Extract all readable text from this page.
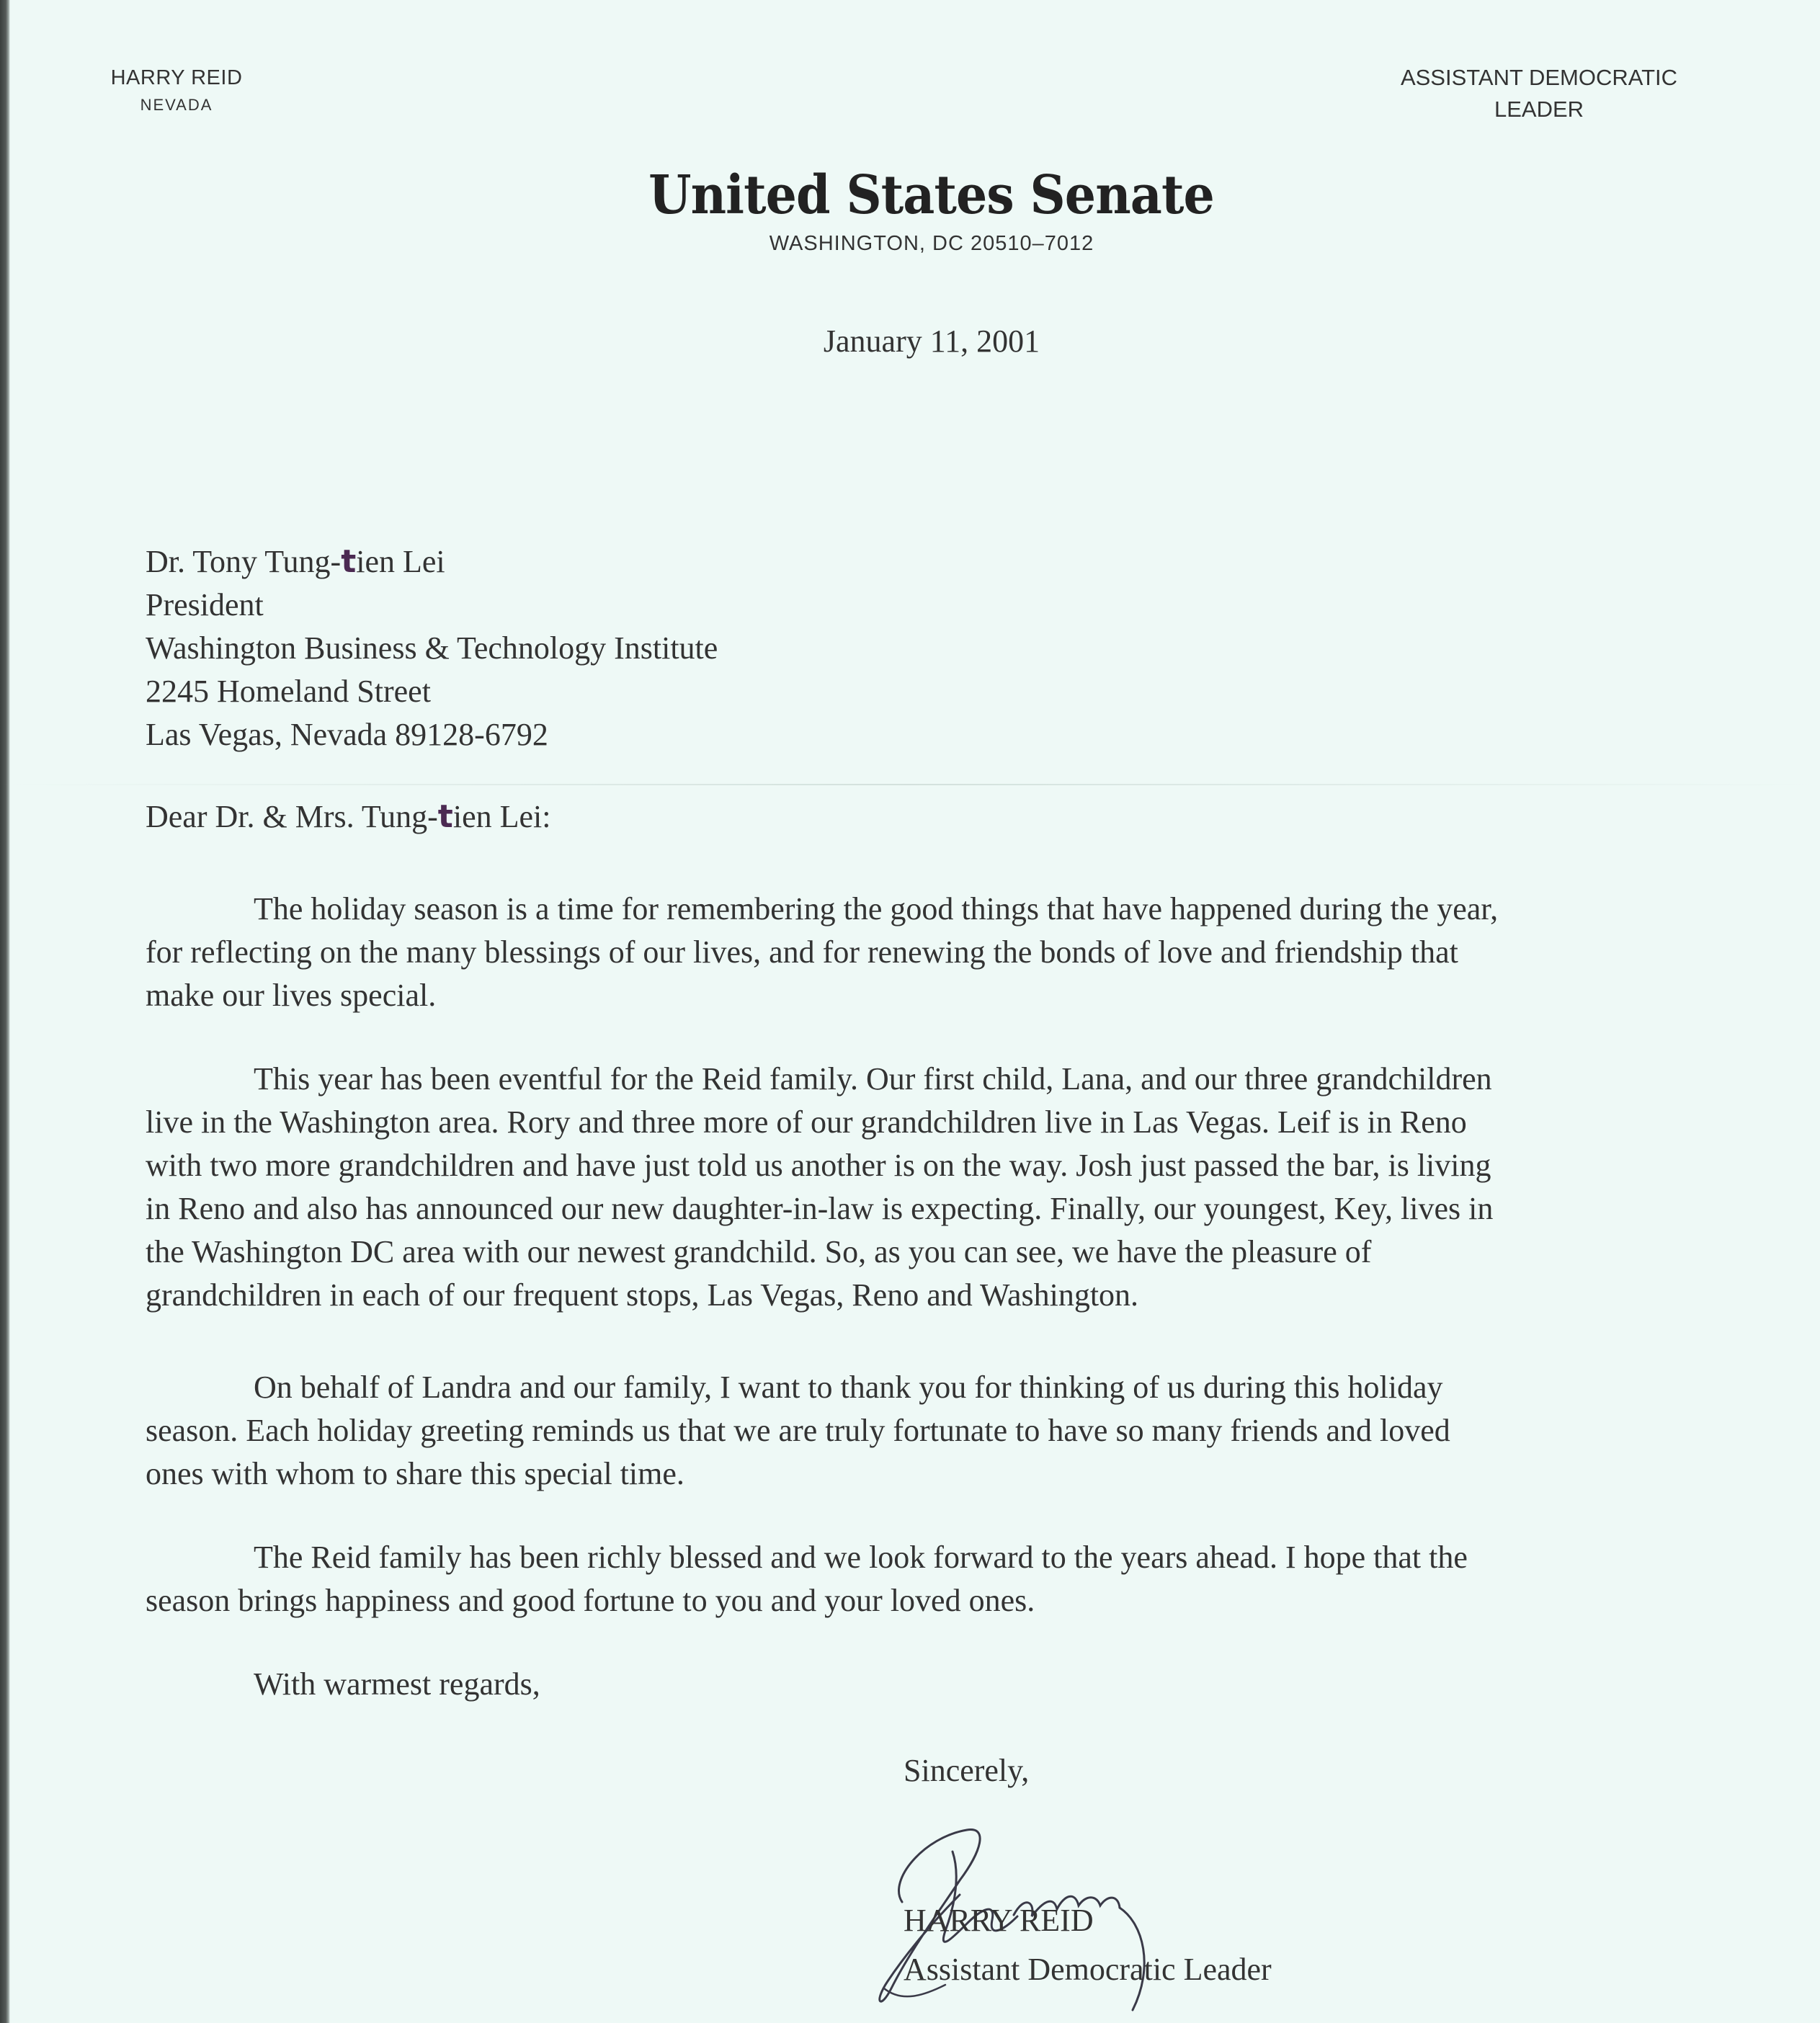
HARRY REID
NEVADA
ASSISTANT DEMOCRATIC
LEADER
United States Senate
WASHINGTON, DC 20510–7012
January 11, 2001
Dr. Tony Tung-tien Lei
President
Washington Business & Technology Institute
2245 Homeland Street
Las Vegas, Nevada 89128-6792
Dear Dr. & Mrs. Tung-tien Lei:
The holiday season is a time for remembering the good things that have happened during the year,
for reflecting on the many blessings of our lives, and for renewing the bonds of love and friendship that
make our lives special.
This year has been eventful for the Reid family. Our first child, Lana, and our three grandchildren
live in the Washington area. Rory and three more of our grandchildren live in Las Vegas. Leif is in Reno
with two more grandchildren and have just told us another is on the way. Josh just passed the bar, is living
in Reno and also has announced our new daughter-in-law is expecting. Finally, our youngest, Key, lives in
the Washington DC area with our newest grandchild. So, as you can see, we have the pleasure of
grandchildren in each of our frequent stops, Las Vegas, Reno and Washington.
On behalf of Landra and our family, I want to thank you for thinking of us during this holiday
season. Each holiday greeting reminds us that we are truly fortunate to have so many friends and loved
ones with whom to share this special time.
The Reid family has been richly blessed and we look forward to the years ahead. I hope that the
season brings happiness and good fortune to you and your loved ones.
With warmest regards,
Sincerely,
HARRY REID
Assistant Democratic Leader
